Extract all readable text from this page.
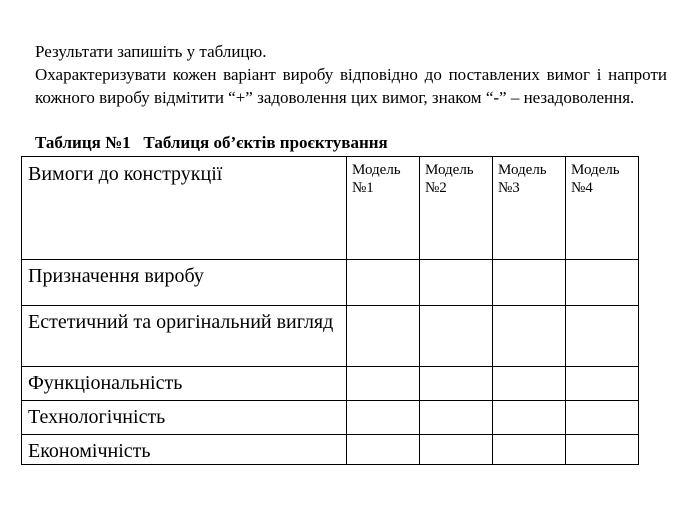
Результати запишіть у таблицю.

Охарактеризувати кожен варіант виробу відповідно до поставлених вимог і напроти кожного виробу відмітити “+” задоволення цих вимог, знаком “-” – незадоволення.

Таблиця №1   Таблиця об’єктів проєктування
Вимоги до конструкції	Модель №1	Модель №2	Модель №3	Модель №4
Призначення виробу				
Естетичний та оригінальний вигляд				
Функціональність				
Технологічність				
Економічність				
